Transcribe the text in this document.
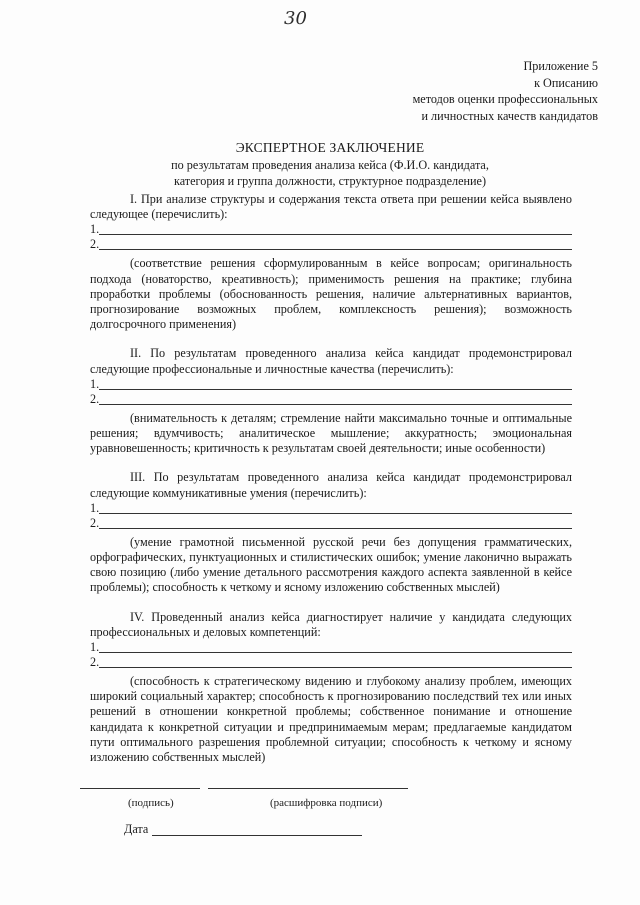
30
Приложение 5
к Описанию
методов оценки профессиональных
и личностных качеств кандидатов
ЭКСПЕРТНОЕ ЗАКЛЮЧЕНИЕ
по результатам проведения анализа кейса (Ф.И.О. кандидата,
категория и группа должности, структурное подразделение)
I. При анализе структуры и содержания текста ответа при решении кейса выявлено следующее (перечислить):
1.
2.
(соответствие решения сформулированным в кейсе вопросам; оригинальность подхода (новаторство, креативность); применимость решения на практике; глубина проработки проблемы (обоснованность решения, наличие альтернативных вариантов, прогнозирование возможных проблем, комплексность решения); возможность долгосрочного применения)
II. По результатам проведенного анализа кейса кандидат продемонстрировал следующие профессиональные и личностные качества (перечислить):
1.
2.
(внимательность к деталям; стремление найти максимально точные и оптимальные решения; вдумчивость; аналитическое мышление; аккуратность; эмоциональная уравновешенность; критичность к результатам своей деятельности; иные особенности)
III. По результатам проведенного анализа кейса кандидат продемонстрировал следующие коммуникативные умения (перечислить):
1.
2.
(умение грамотной письменной русской речи без допущения грамматических, орфографических, пунктуационных и стилистических ошибок; умение лаконично выражать свою позицию (либо умение детального рассмотрения каждого аспекта заявленной в кейсе проблемы); способность к четкому и ясному изложению собственных мыслей)
IV. Проведенный анализ кейса диагностирует наличие у кандидата следующих профессиональных и деловых компетенций:
1.
2.
(способность к стратегическому видению и глубокому анализу проблем, имеющих широкий социальный характер; способность к прогнозированию последствий тех или иных решений в отношении конкретной проблемы; собственное понимание и отношение кандидата к конкретной ситуации и предпринимаемым мерам; предлагаемые кандидатом пути оптимального разрешения проблемной ситуации; способность к четкому и ясному изложению собственных мыслей)
(подпись)	(расшифровка подписи)
Дата
